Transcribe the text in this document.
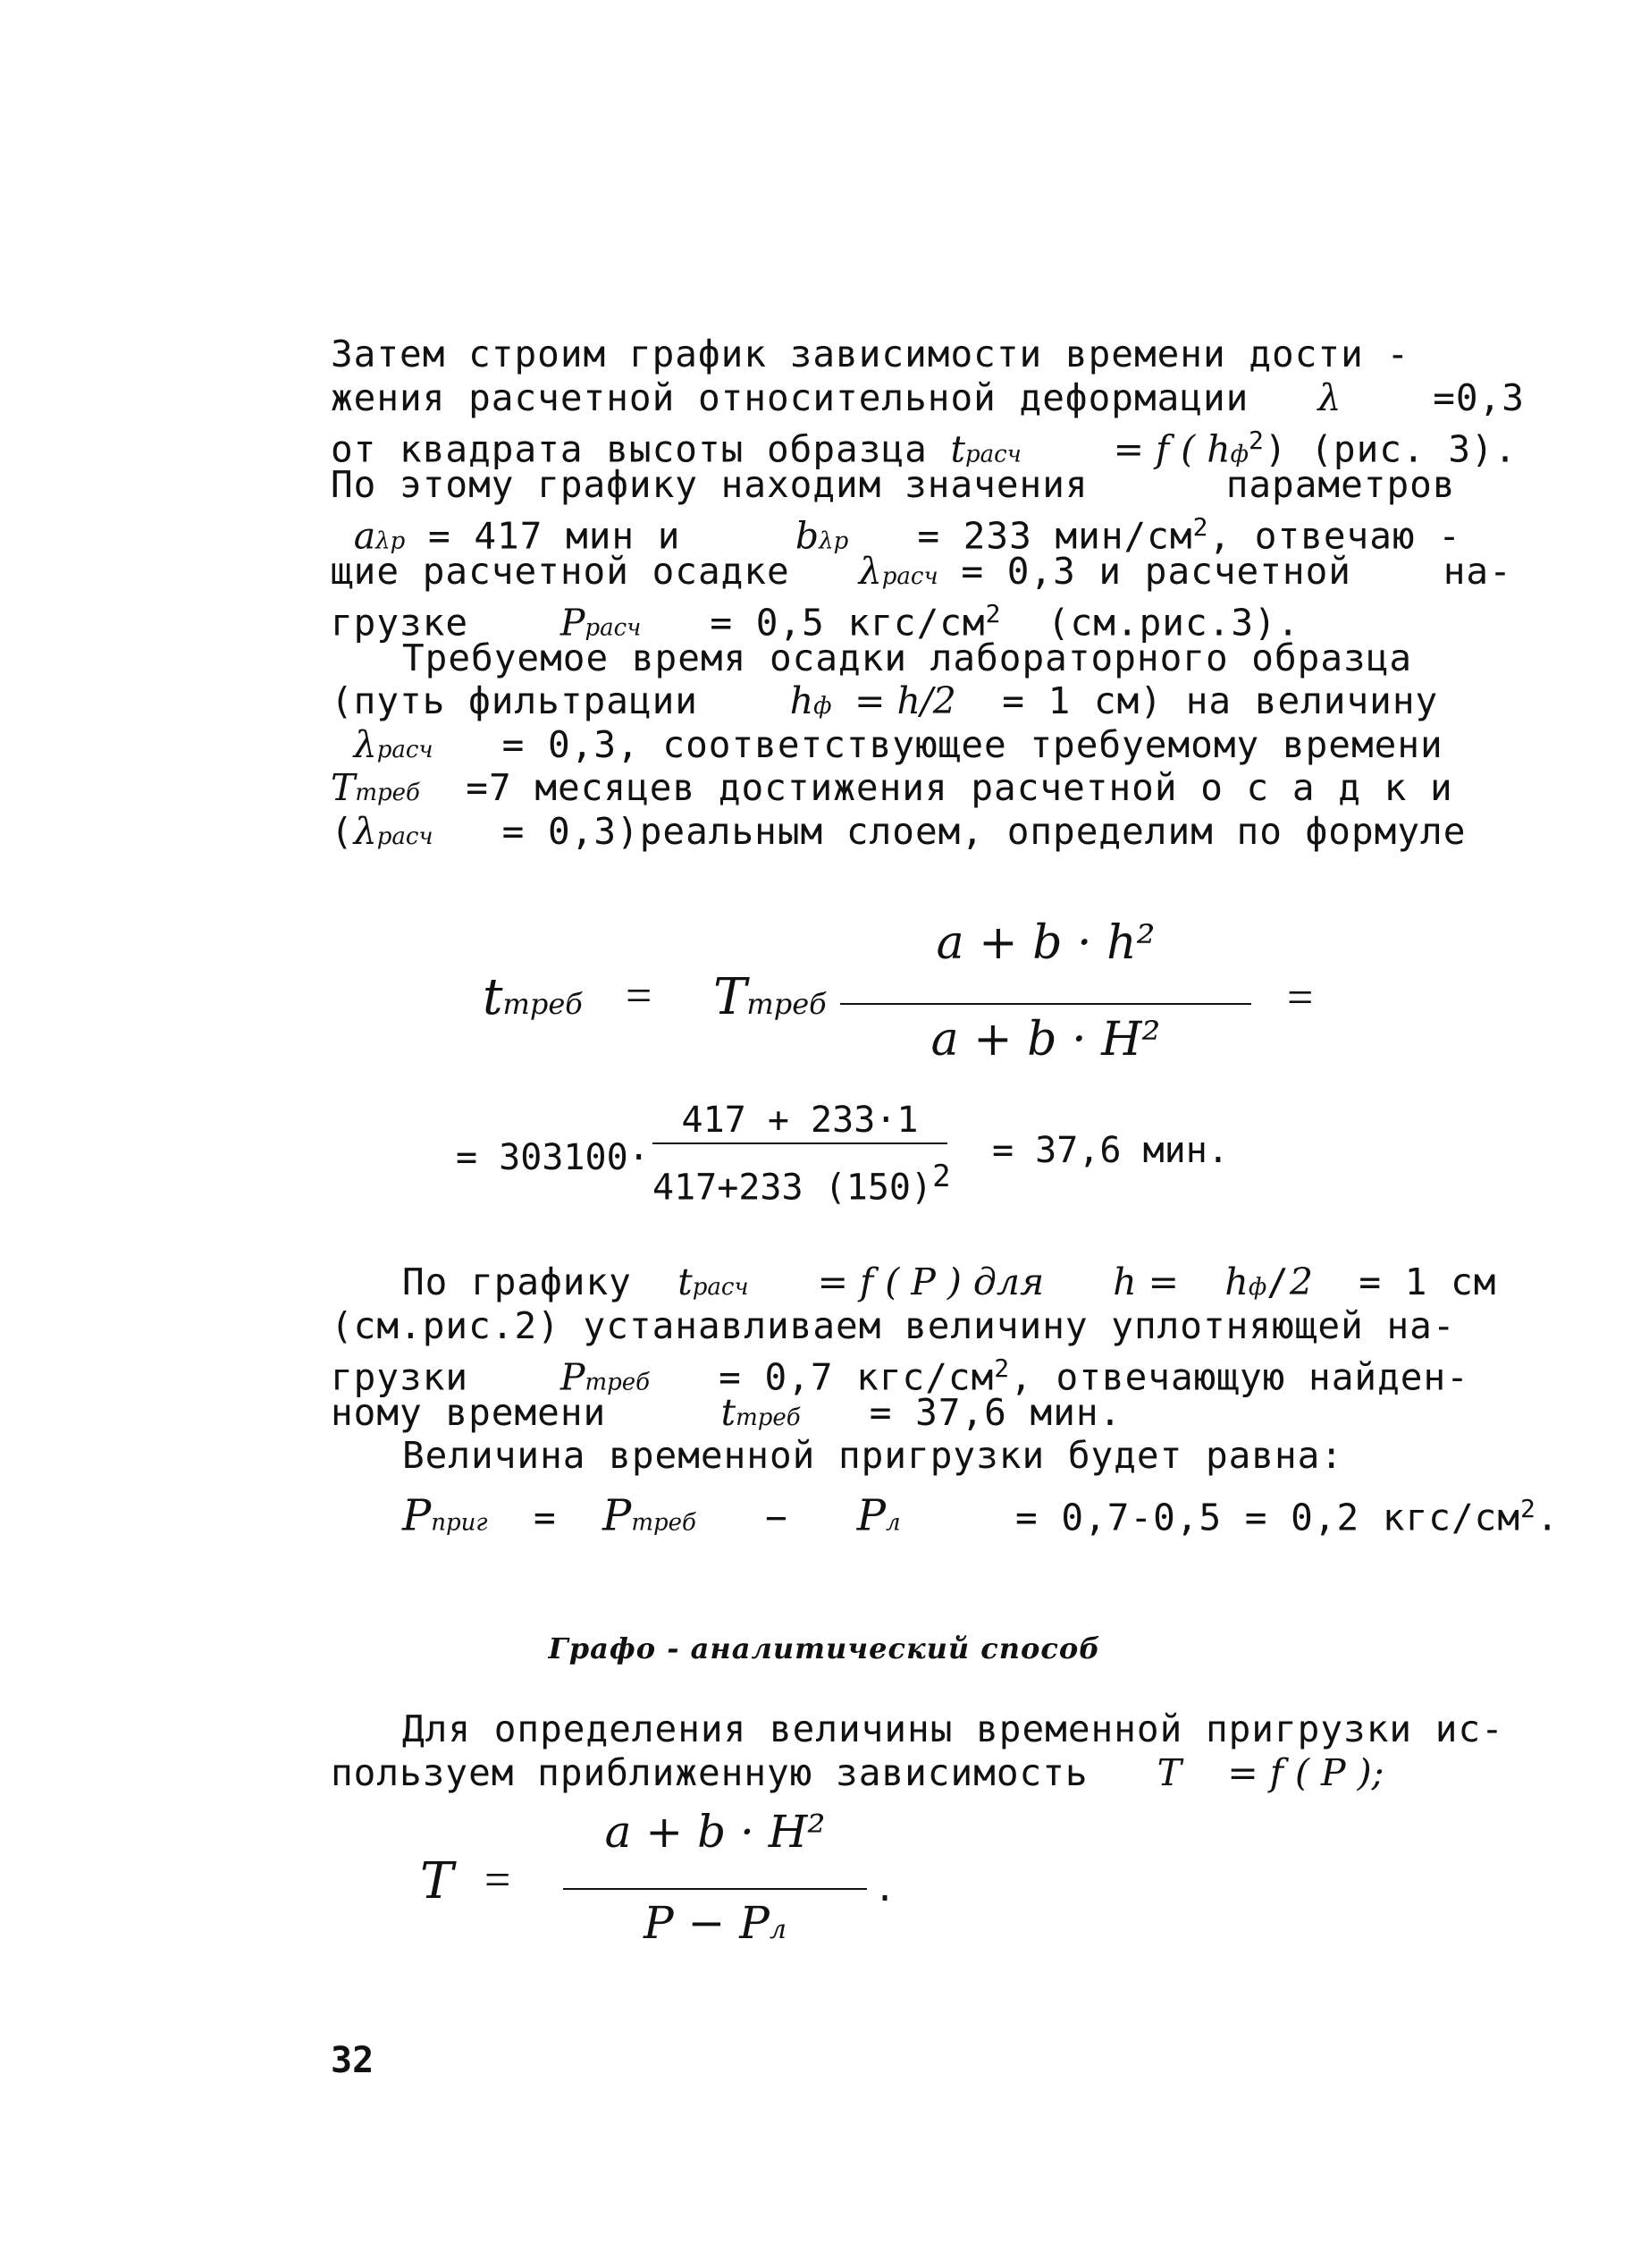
Затем строим график зависимости времени дости -
жения расчетной относительной деформации λ	=0,3
от квадрата высоты образца tрасч	= f ( $hф^2$) (рис. 3).
По этому графику находим значения	параметров
aλp = 417 мин и	bλp = 233 мин/$см^2$, отвечаю -
щие расчетной осадке λрасч = 0,3 и расчетной	на-
грузке	Pрасч = 0,5 кгс/$см^2$ (см.рис.3).
Требуемое время осадки лабораторного образца
(путь фильтрации	hф = h/2 = 1 см) на величину
λрасч = 0,3, соответствующее требуемому времени
Tтреб =7 месяцев достижения расчетной о с а д к и
(λрасч = 0,3)реальным слоем, определим по формуле
tтреб = Tтреб
a + b · h²
a + b · H²
=
= 303100·
417 + 233·1
417+233 $(150)^2$
= 37,6 мин.
По графику tрасч = f ( P ) для h = hф/2 = 1 см
(см.рис.2) устанавливаем величину уплотняющей на-
грузки	Pтреб = 0,7 кгс/$см^2$, отвечающую найден-
ному времени	tтреб = 37,6 мин.
Величина временной пригрузки будет равна:
Pприг = Pтреб − Pл	= 0,7-0,5 = 0,2 кгс/$см^2$.
Графо - аналитический способ
Для определения величины временной пригрузки ис-
пользуем приближенную зависимость T = f ( P );
T =
a + b · H²
P − Pл
.
32
